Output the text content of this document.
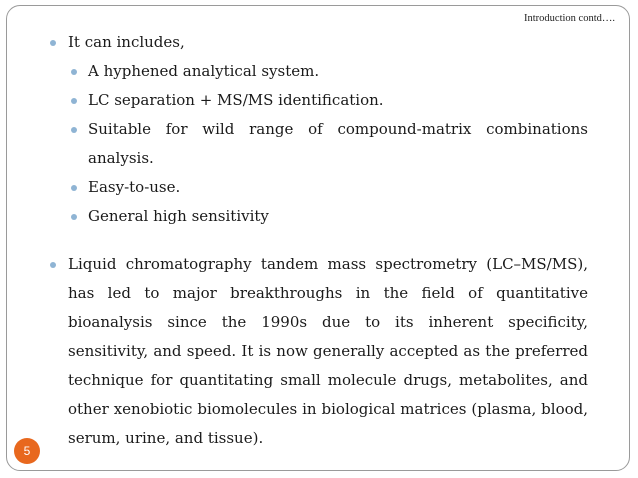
Introduction contd….
It can includes,
A hyphened analytical system.
LC separation + MS/MS identification.
Suitable for wild range of compound-matrix combinations analysis.
Easy-to-use.
General high sensitivity
Liquid chromatography tandem mass spectrometry (LC–MS/MS), has led to major breakthroughs in the field of quantitative bioanalysis since the 1990s due to its inherent specificity, sensitivity, and speed. It is now generally accepted as the preferred technique for quantitating small molecule drugs, metabolites, and other xenobiotic biomolecules in biological matrices (plasma, blood, serum, urine, and tissue).
5
